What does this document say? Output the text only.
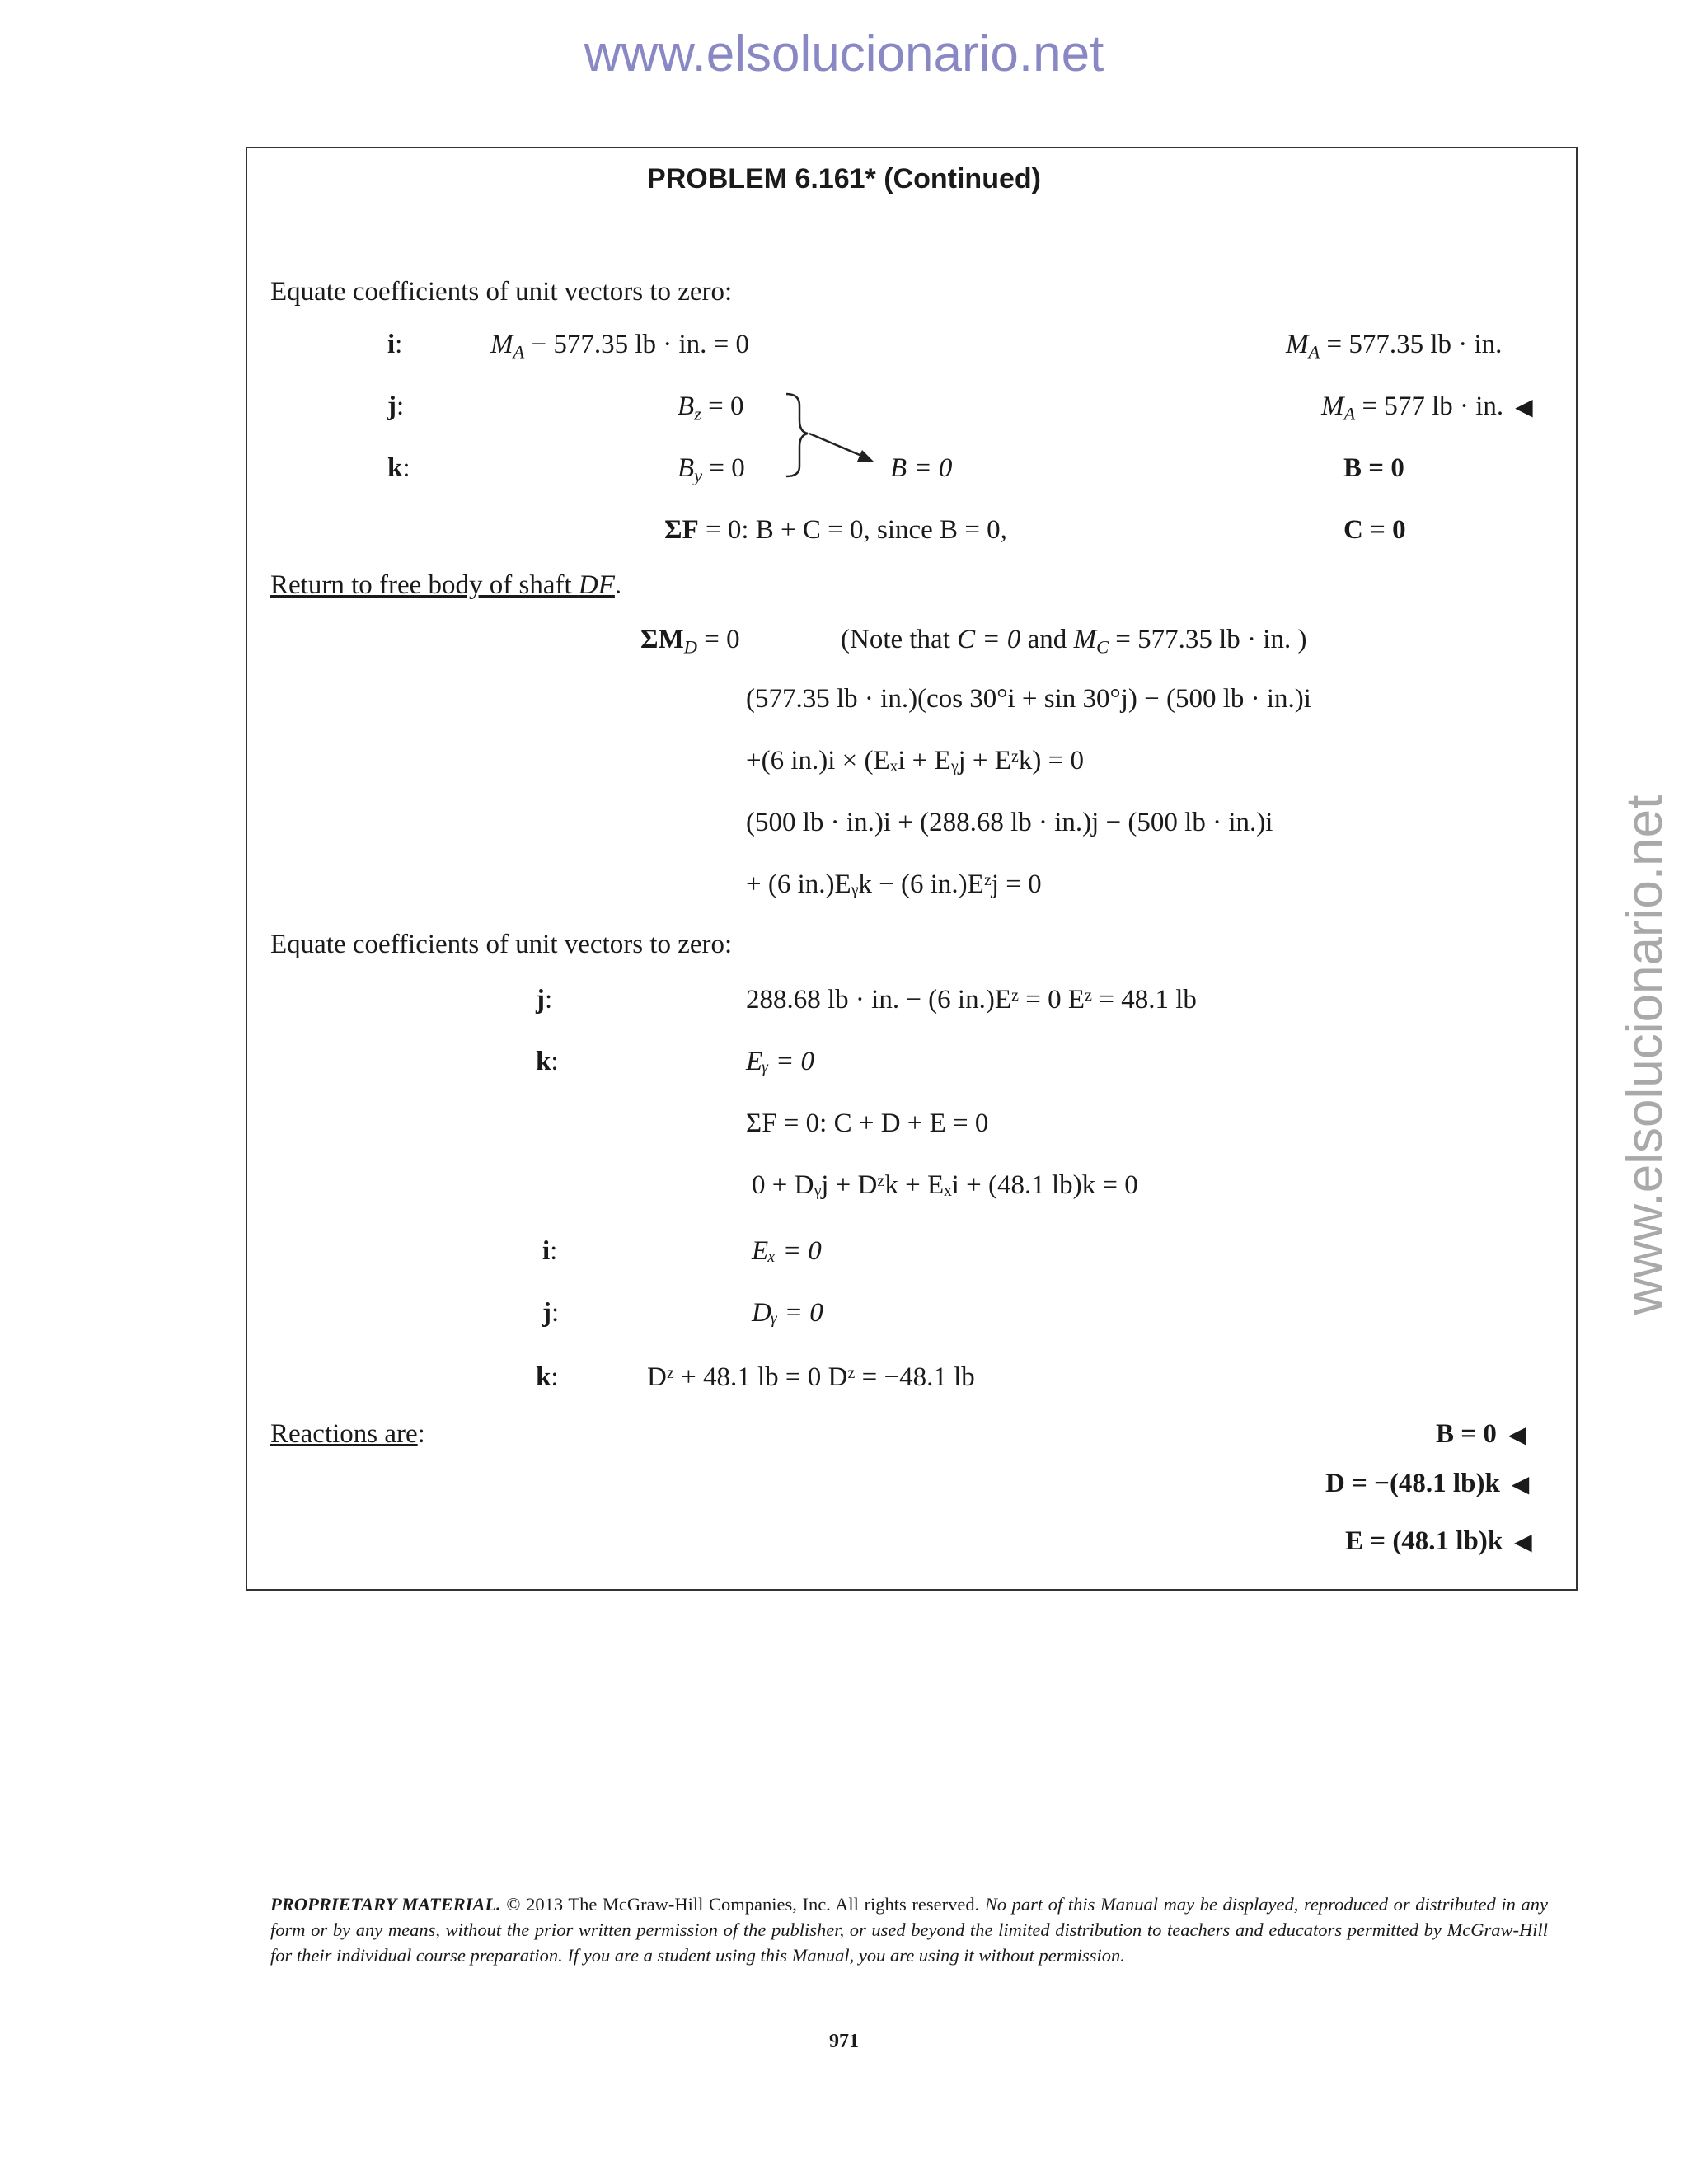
www.elsolucionario.net
www.elsolucionario.net
PROBLEM 6.161* (Continued)
Equate coefficients of unit vectors to zero:
i:	$M_A - 577.35$ lb · in. = 0	$M_A = 577.35$ lb · in.
j:	$B_z = 0$	$M_A = 577$ lb · in. ◀
k:	$B_y = 0$	B = 0	B = 0
ΣF = 0: B + C = 0, since B = 0,	C = 0
Return to free body of shaft DF.
$\Sigma M_D = 0$	(Note that C = 0 and $M_C = 577.35$ lb · in. )
(577.35 lb · in.)(cos 30°i + sin 30°j) − (500 lb · in.)i
+(6 in.)i × (Eₓi + Eᵧj + Eᶻk) = 0
(500 lb · in.)i + (288.68 lb · in.)j − (500 lb · in.)i
+ (6 in.)Eᵧk − (6 in.)Eᶻj = 0
Equate coefficients of unit vectors to zero:
j:	288.68 lb · in. − (6 in.)Eᶻ = 0 Eᶻ = 48.1 lb
k:	Eᵧ = 0
ΣF = 0: C + D + E = 0
0 + Dᵧj + Dᶻk + Eₓi + (48.1 lb)k = 0
i:	Eₓ = 0
j:	Dᵧ = 0
k:	Dᶻ + 48.1 lb = 0 Dᶻ = −48.1 lb
Reactions are:	B = 0 ◀
D = −(48.1 lb)k ◀
E = (48.1 lb)k ◀
PROPRIETARY MATERIAL. © 2013 The McGraw-Hill Companies, Inc. All rights reserved. No part of this Manual may be displayed, reproduced or distributed in any form or by any means, without the prior written permission of the publisher, or used beyond the limited distribution to teachers and educators permitted by McGraw-Hill for their individual course preparation. If you are a student using this Manual, you are using it without permission.
971
